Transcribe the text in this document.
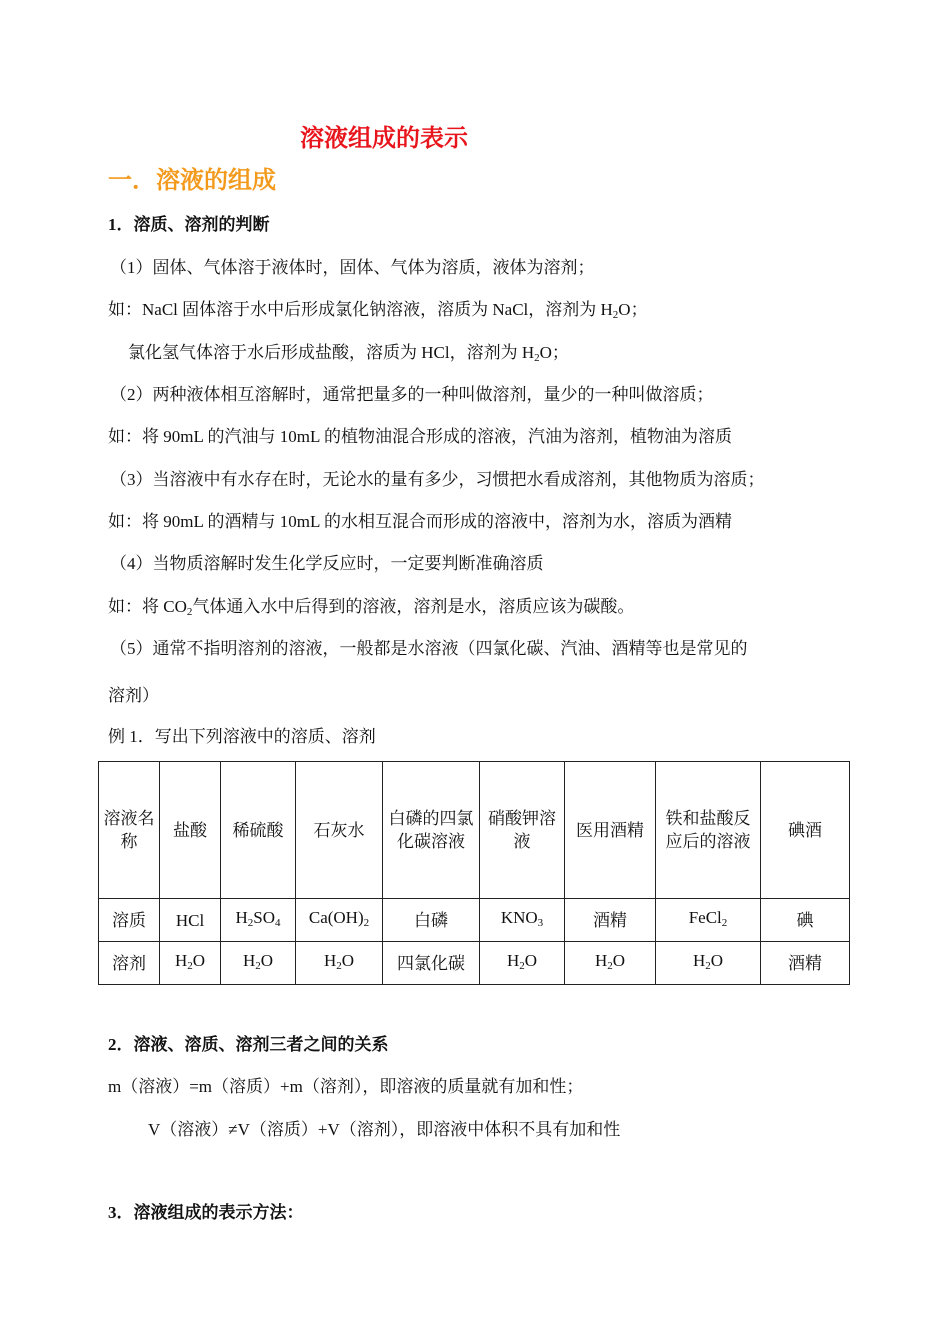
溶液组成的表示
一．溶液的组成
1．溶质、溶剂的判断
（1）固体、气体溶于液体时，固体、气体为溶质，液体为溶剂；
如：NaCl 固体溶于水中后形成氯化钠溶液，溶质为 NaCl，溶剂为 $H_2O$；
氯化氢气体溶于水后形成盐酸，溶质为 HCl，溶剂为 $H_2O$；
（2）两种液体相互溶解时，通常把量多的一种叫做溶剂，量少的一种叫做溶质；
如：将 90mL 的汽油与 10mL 的植物油混合形成的溶液，汽油为溶剂，植物油为溶质
（3）当溶液中有水存在时，无论水的量有多少，习惯把水看成溶剂，其他物质为溶质；
如：将 90mL 的酒精与 10mL 的水相互混合而形成的溶液中，溶剂为水，溶质为酒精
（4）当物质溶解时发生化学反应时，一定要判断准确溶质
如：将 $CO_2$气体通入水中后得到的溶液，溶剂是水，溶质应该为碳酸。
（5）通常不指明溶剂的溶液，一般都是水溶液（四氯化碳、汽油、酒精等也是常见的
溶剂）
例 1．写出下列溶液中的溶质、溶剂
溶液名称	盐酸	稀硫酸	石灰水	白磷的四氯化碳溶液	硝酸钾溶液	医用酒精	铁和盐酸反应后的溶液	碘酒
溶质	HCl	$H_2SO_4$	$Ca(OH)_2$	白磷	$KNO_3$	酒精	FeCl$_2$	碘
溶剂	$H_2O$	$H_2O$	$H_2O$	四氯化碳	$H_2O$	$H_2O$	$H_2O$	酒精
2．溶液、溶质、溶剂三者之间的关系
m（溶液）=m（溶质）+m（溶剂），即溶液的质量就有加和性；
V（溶液）≠V（溶质）+V（溶剂），即溶液中体积不具有加和性
3．溶液组成的表示方法：
